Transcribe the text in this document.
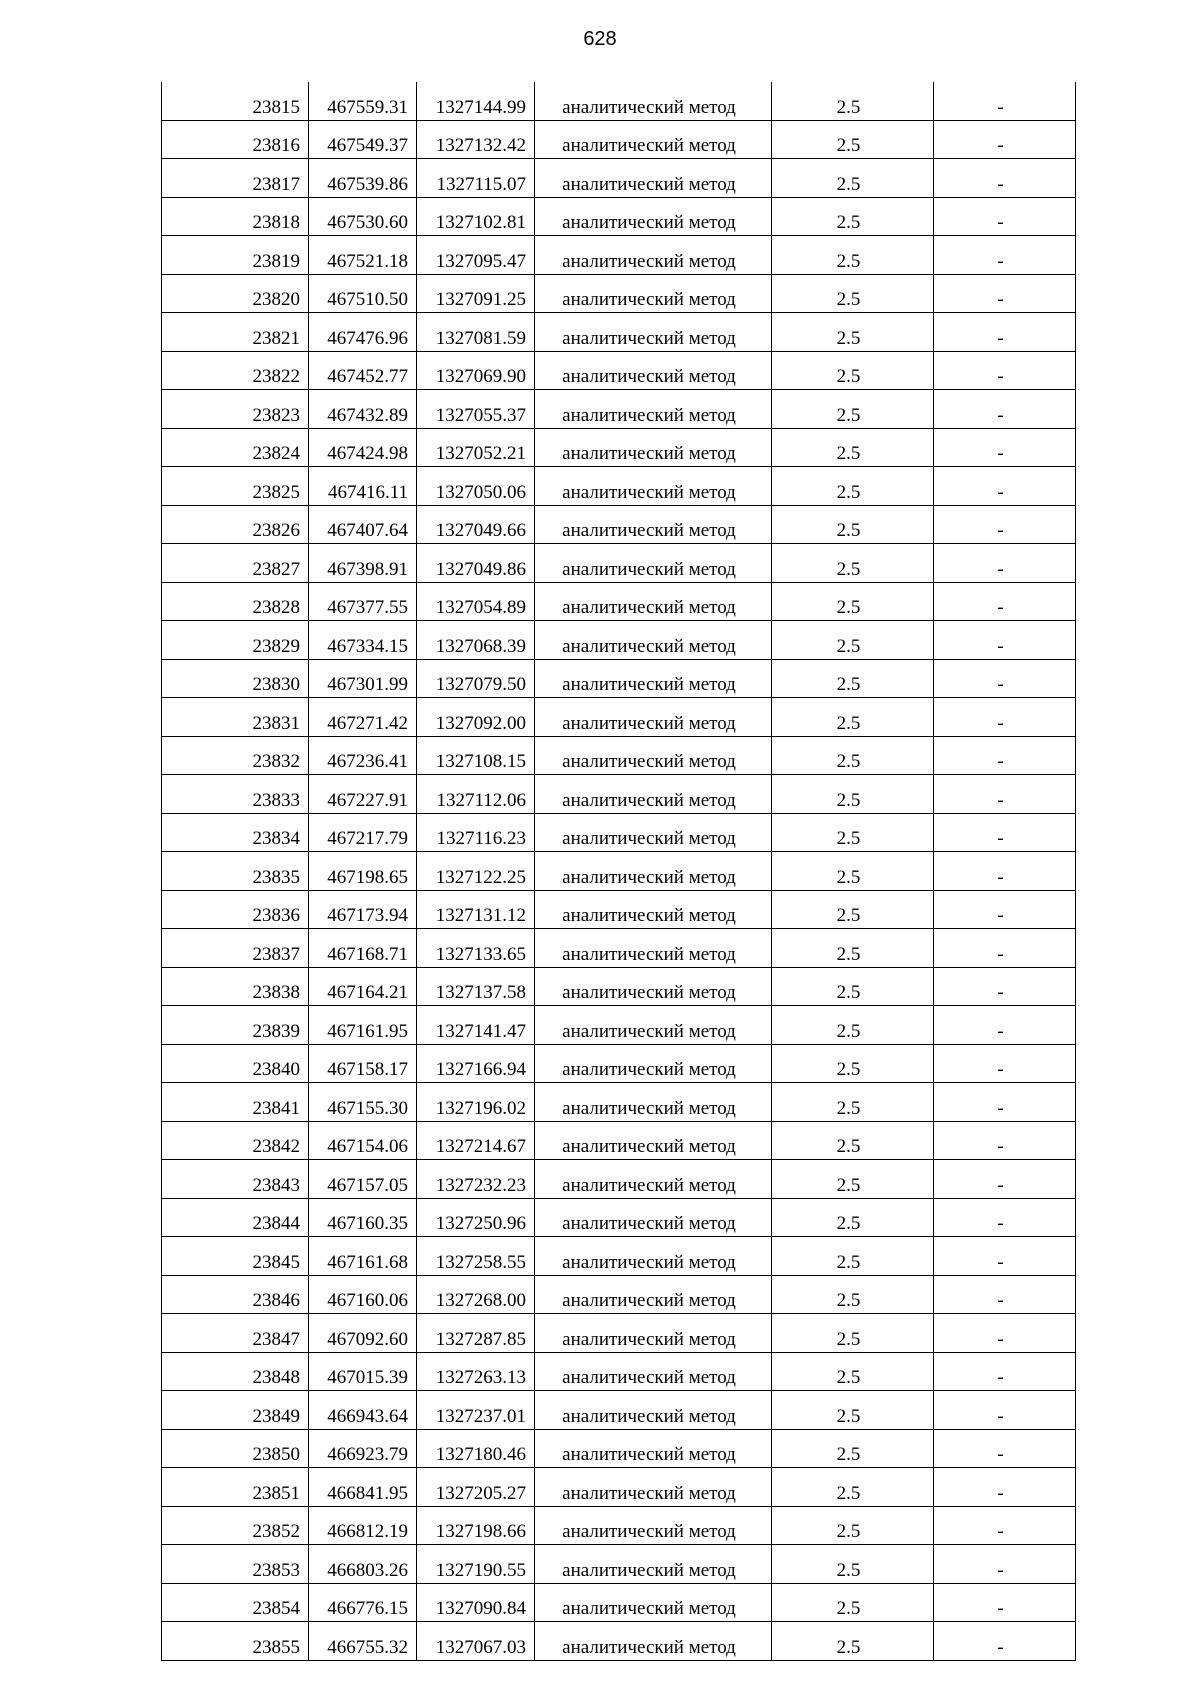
628
23815	467559.31	1327144.99	аналитический метод	2.5	-
23816	467549.37	1327132.42	аналитический метод	2.5	-
23817	467539.86	1327115.07	аналитический метод	2.5	-
23818	467530.60	1327102.81	аналитический метод	2.5	-
23819	467521.18	1327095.47	аналитический метод	2.5	-
23820	467510.50	1327091.25	аналитический метод	2.5	-
23821	467476.96	1327081.59	аналитический метод	2.5	-
23822	467452.77	1327069.90	аналитический метод	2.5	-
23823	467432.89	1327055.37	аналитический метод	2.5	-
23824	467424.98	1327052.21	аналитический метод	2.5	-
23825	467416.11	1327050.06	аналитический метод	2.5	-
23826	467407.64	1327049.66	аналитический метод	2.5	-
23827	467398.91	1327049.86	аналитический метод	2.5	-
23828	467377.55	1327054.89	аналитический метод	2.5	-
23829	467334.15	1327068.39	аналитический метод	2.5	-
23830	467301.99	1327079.50	аналитический метод	2.5	-
23831	467271.42	1327092.00	аналитический метод	2.5	-
23832	467236.41	1327108.15	аналитический метод	2.5	-
23833	467227.91	1327112.06	аналитический метод	2.5	-
23834	467217.79	1327116.23	аналитический метод	2.5	-
23835	467198.65	1327122.25	аналитический метод	2.5	-
23836	467173.94	1327131.12	аналитический метод	2.5	-
23837	467168.71	1327133.65	аналитический метод	2.5	-
23838	467164.21	1327137.58	аналитический метод	2.5	-
23839	467161.95	1327141.47	аналитический метод	2.5	-
23840	467158.17	1327166.94	аналитический метод	2.5	-
23841	467155.30	1327196.02	аналитический метод	2.5	-
23842	467154.06	1327214.67	аналитический метод	2.5	-
23843	467157.05	1327232.23	аналитический метод	2.5	-
23844	467160.35	1327250.96	аналитический метод	2.5	-
23845	467161.68	1327258.55	аналитический метод	2.5	-
23846	467160.06	1327268.00	аналитический метод	2.5	-
23847	467092.60	1327287.85	аналитический метод	2.5	-
23848	467015.39	1327263.13	аналитический метод	2.5	-
23849	466943.64	1327237.01	аналитический метод	2.5	-
23850	466923.79	1327180.46	аналитический метод	2.5	-
23851	466841.95	1327205.27	аналитический метод	2.5	-
23852	466812.19	1327198.66	аналитический метод	2.5	-
23853	466803.26	1327190.55	аналитический метод	2.5	-
23854	466776.15	1327090.84	аналитический метод	2.5	-
23855	466755.32	1327067.03	аналитический метод	2.5	-
